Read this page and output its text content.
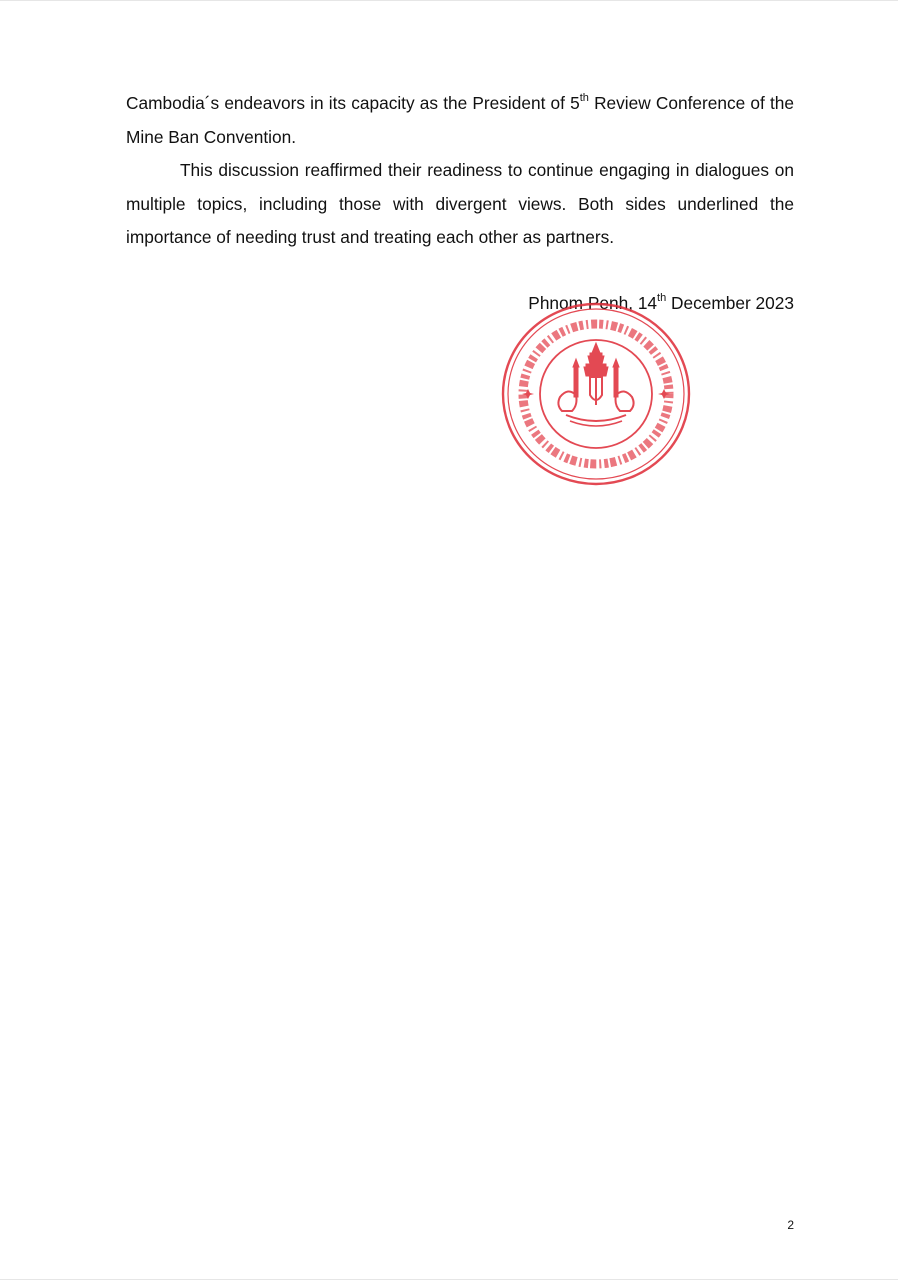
Cambodia´s endeavors in its capacity as the President of 5th Review Conference of the Mine Ban Convention.

This discussion reaffirmed their readiness to continue engaging in dialogues on multiple topics, including those with divergent views. Both sides underlined the importance of needing trust and treating each other as partners.

Phnom Penh, 14th December 2023
2
